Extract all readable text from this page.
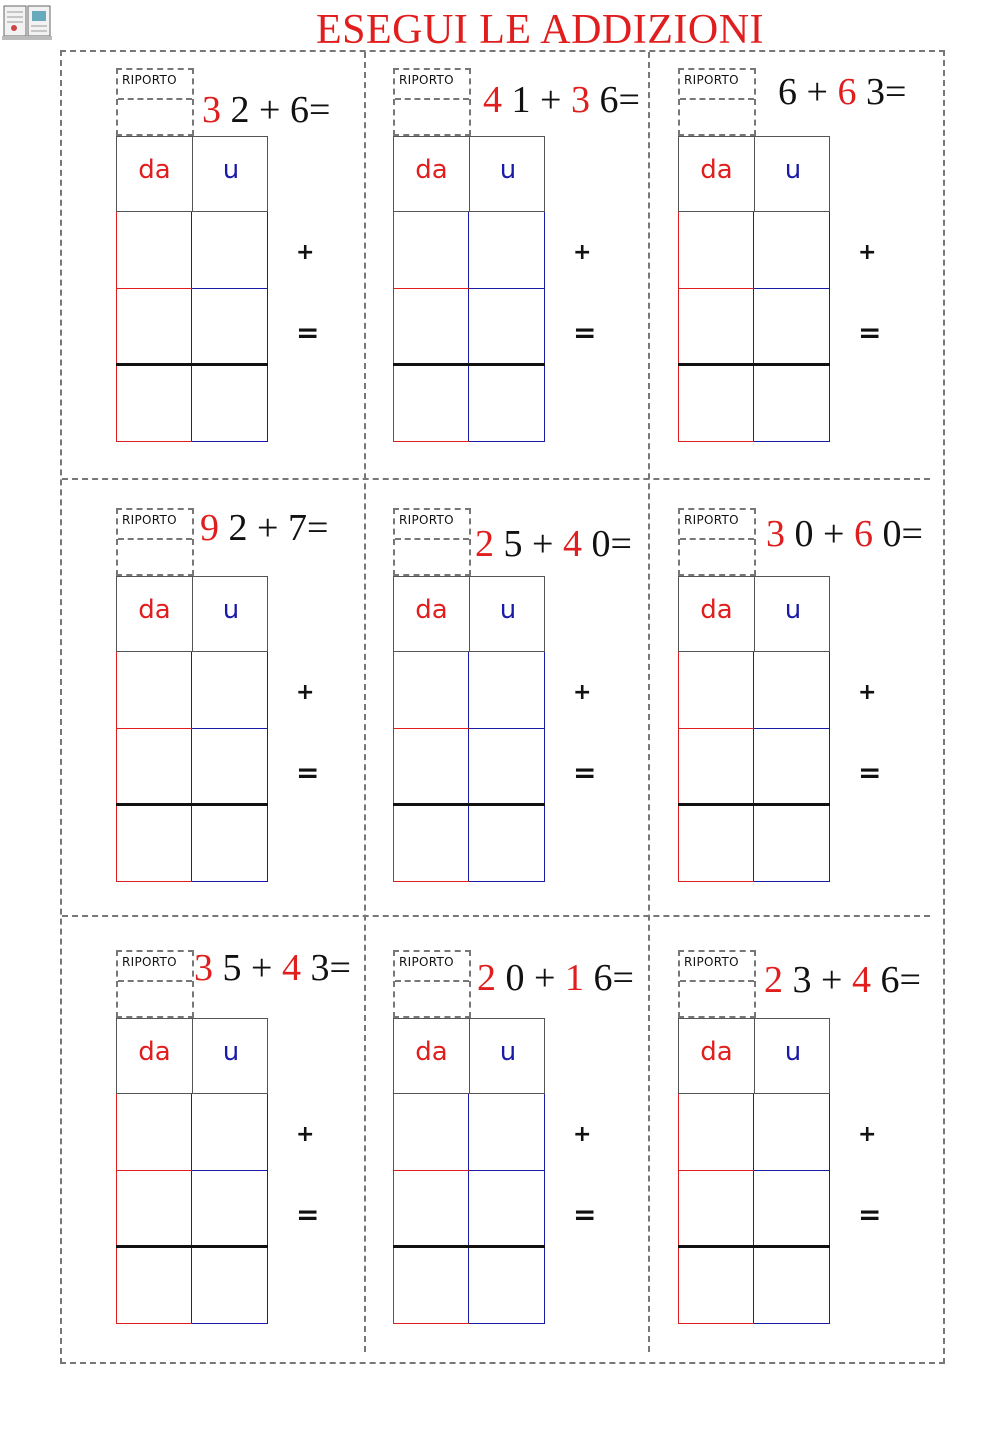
ESEGUI LE ADDIZIONI
RIPORTO
3 2 + 6=
da	u
+
=
RIPORTO 4 1 + 3 6=
da	u
+
=
RIPORTO 6 + 6 3=
da	u
+
=
RIPORTO 9 2 + 7=
da	u
+
=
RIPORTO
2 5 + 4 0=
da	u
+
=
RIPORTO 3 0 + 6 0=
da	u
+
=
RIPORTO 3 5 + 4 3=
da	u
+
=
RIPORTO 2 0 + 1 6=
da	u
+
=
RIPORTO 2 3 + 4 6=
da	u
+
=
